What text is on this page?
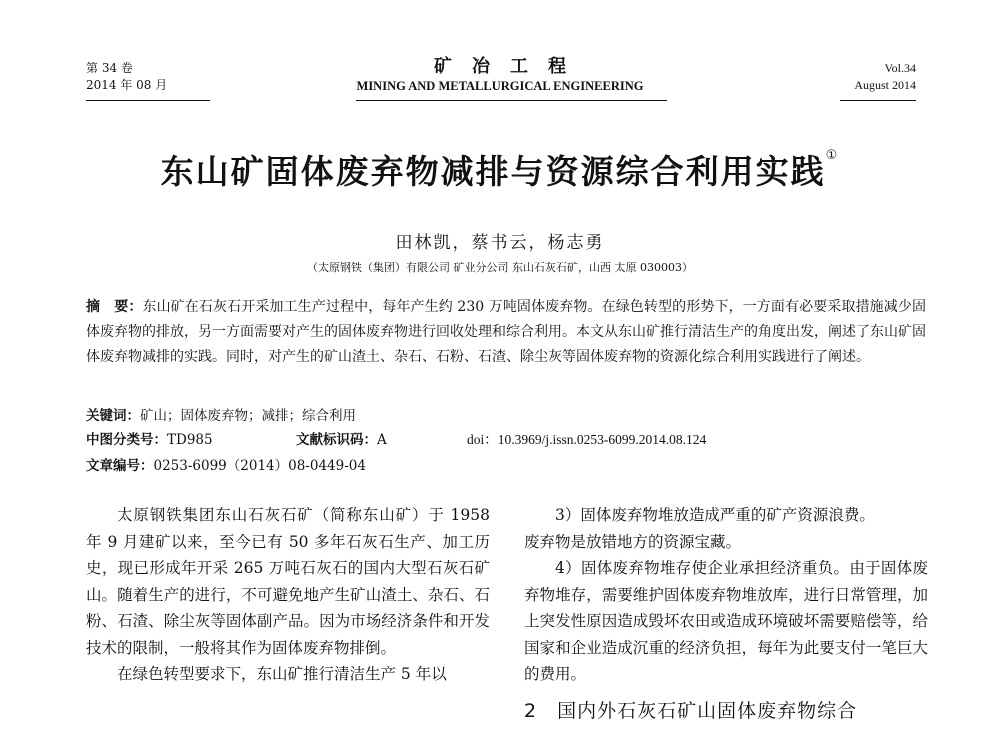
第 34 卷
2014 年 08 月
矿冶工程
MINING AND METALLURGICAL ENGINEERING
Vol.34
August 2014
东山矿固体废弃物减排与资源综合利用实践①
田林凯，蔡书云，杨志勇
（太原钢铁（集团）有限公司 矿业分公司 东山石灰石矿，山西 太原 030003）
摘　要：东山矿在石灰石开采加工生产过程中，每年产生约 230 万吨固体废弃物。在绿色转型的形势下，一方面有必要采取措施减少固体废弃物的排放，另一方面需要对产生的固体废弃物进行回收处理和综合利用。本文从东山矿推行清洁生产的角度出发，阐述了东山矿固体废弃物减排的实践。同时，对产生的矿山渣土、杂石、石粉、石渣、除尘灰等固体废弃物的资源化综合利用实践进行了阐述。
关键词：矿山；固体废弃物；减排；综合利用
中图分类号：TD985	文献标识码：A	doi：10.3969/j.issn.0253-6099.2014.08.124
文章编号：0253-6099（2014）08-0449-04

太原钢铁集团东山石灰石矿（简称东山矿）于 1958 年 9 月建矿以来，至今已有 50 多年石灰石生产、加工历史，现已形成年开采 265 万吨石灰石的国内大型石灰石矿山。随着生产的进行，不可避免地产生矿山渣土、杂石、石粉、石渣、除尘灰等固体副产品。因为市场经济条件和开发技术的限制，一般将其作为固体废弃物排倒。

在绿色转型要求下，东山矿推行清洁生产 5 年以

3）固体废弃物堆放造成严重的矿产资源浪费。

废弃物是放错地方的资源宝藏。

4）固体废弃物堆存使企业承担经济重负。由于固体废弃物堆存，需要维护固体废弃物堆放库，进行日常管理，加上突发性原因造成毁坏农田或造成环境破坏需要赔偿等，给国家和企业造成沉重的经济负担，每年为此要支付一笔巨大的费用。

2　国内外石灰石矿山固体废弃物综合
